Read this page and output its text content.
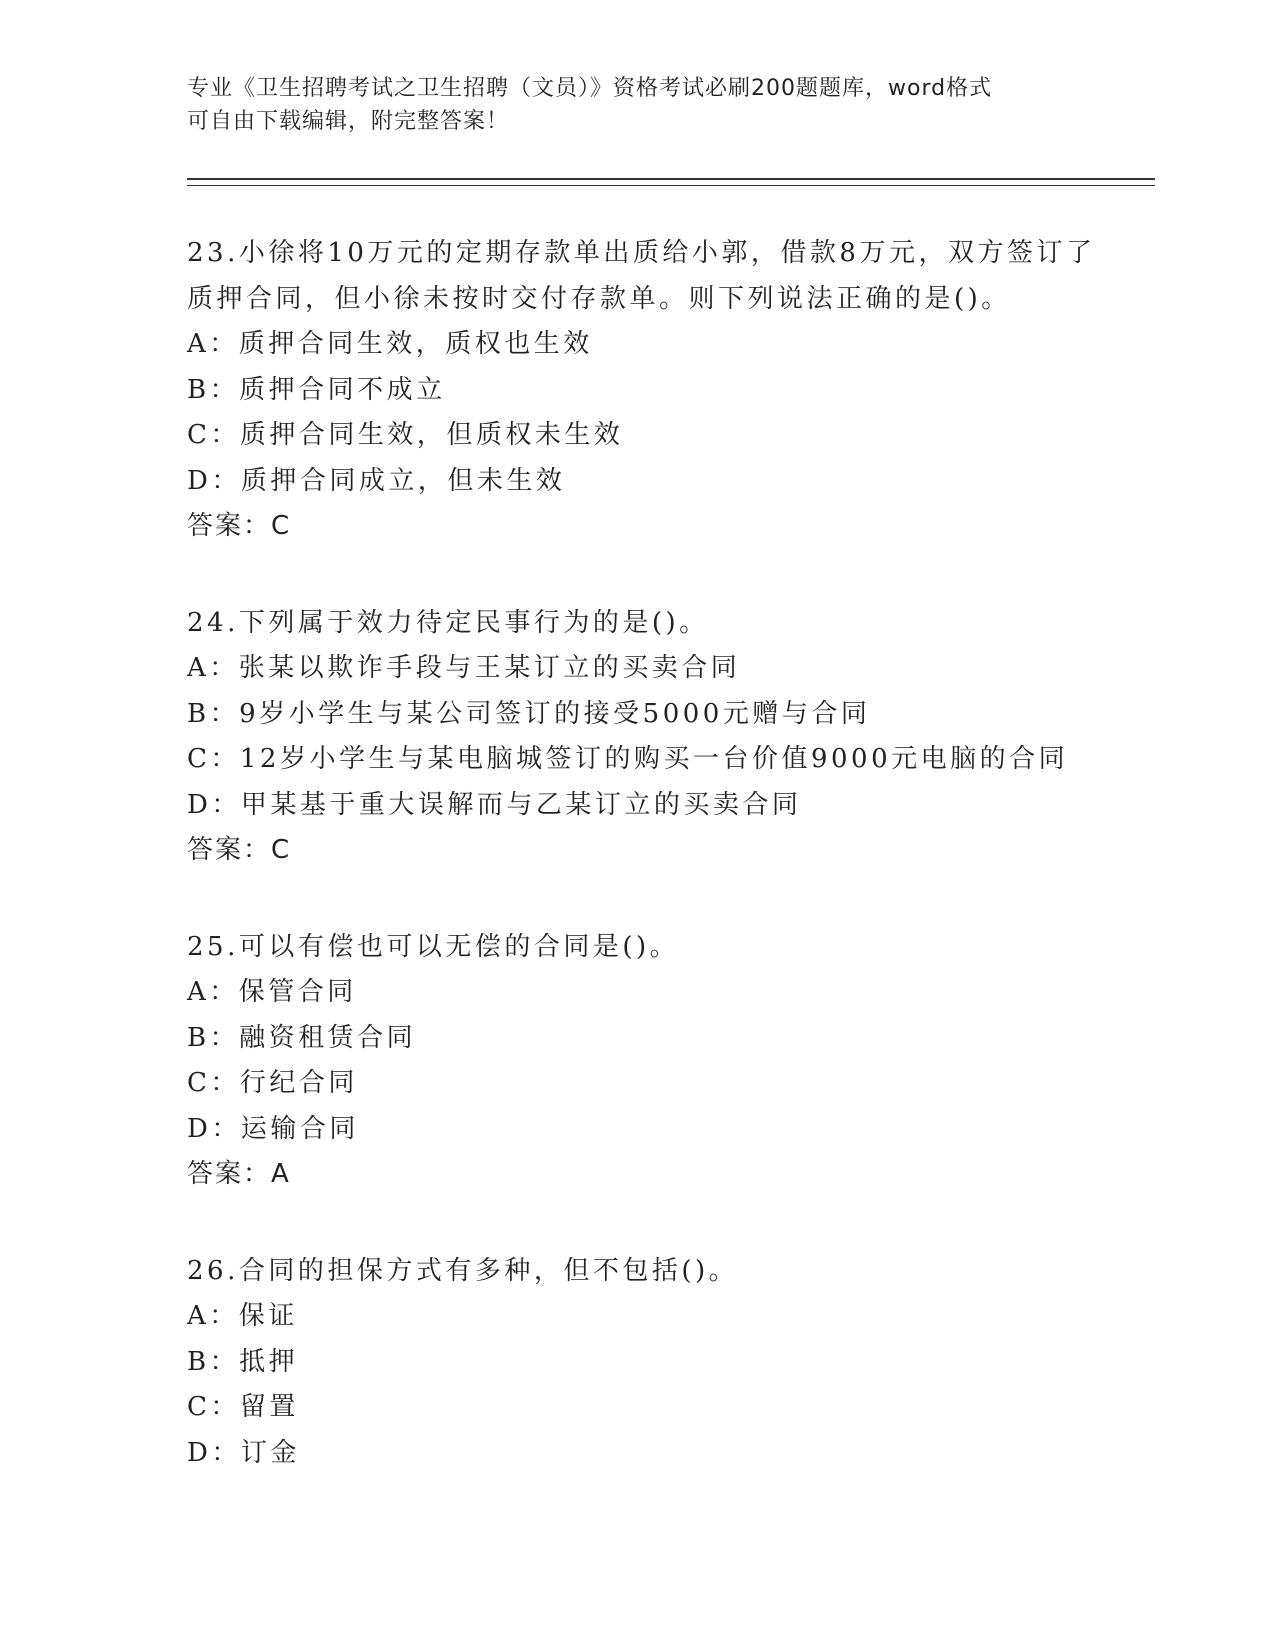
专业《卫生招聘考试之卫生招聘（文员）》资格考试必刷200题题库，word格式
可自由下载编辑，附完整答案！
23.小徐将10万元的定期存款单出质给小郭，借款8万元，双方签订了质押合同，但小徐未按时交付存款单。则下列说法正确的是()。
A：质押合同生效，质权也生效
B：质押合同不成立
C：质押合同生效，但质权未生效
D：质押合同成立，但未生效
答案：C
24.下列属于效力待定民事行为的是()。
A：张某以欺诈手段与王某订立的买卖合同
B：9岁小学生与某公司签订的接受5000元赠与合同
C：12岁小学生与某电脑城签订的购买一台价值9000元电脑的合同
D：甲某基于重大误解而与乙某订立的买卖合同
答案：C
25.可以有偿也可以无偿的合同是()。
A：保管合同
B：融资租赁合同
C：行纪合同
D：运输合同
答案：A
26.合同的担保方式有多种，但不包括()。
A：保证
B：抵押
C：留置
D：订金
